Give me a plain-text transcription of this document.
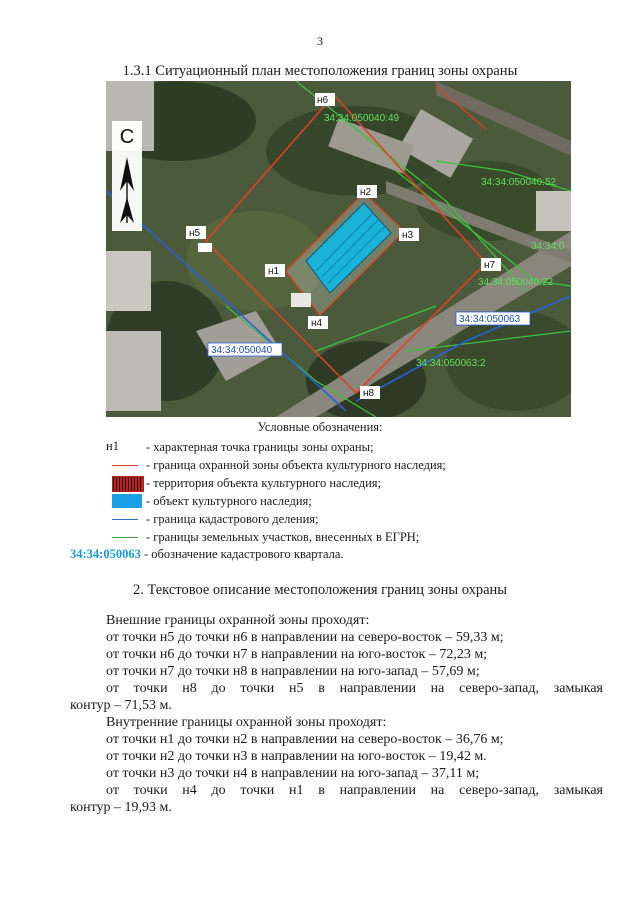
3
1.3.1 Ситуационный план местоположения границ зоны охраны
С
н6
н2
н3
н5
н1
н7
н4
н8
34:34:050040
34:34:050063
34:34:050040:49
34:34:050040:52
34:34:050040:22
34:34:050063:2
34:34:0
Условные обозначения:
н1 - характерная точка границы зоны охраны;
- граница охранной зоны объекта культурного наследия;
- территория объекта культурного наследия;
- объект культурного наследия;
- граница кадастрового деления;
- границы земельных участков, внесенных в ЕГРН;
34:34:050063 - обозначение кадастрового квартала.
2. Текстовое описание местоположения границ зоны охраны
Внешние границы охранной зоны проходят:
от точки н5 до точки н6 в направлении на северо-восток – 59,33 м;
от точки н6 до точки н7 в направлении на юго-восток – 72,23 м;
от точки н7 до точки н8 в направлении на юго-запад – 57,69 м;
от точки н8 до точки н5 в направлении на северо-запад, замыкая
контур – 71,53 м.
Внутренние границы охранной зоны проходят:
от точки н1 до точки н2 в направлении на северо-восток – 36,76 м;
от точки н2 до точки н3 в направлении на юго-восток – 19,42 м.
от точки н3 до точки н4 в направлении на юго-запад – 37,11 м;
от точки н4 до точки н1 в направлении на северо-запад, замыкая
контур – 19,93 м.
